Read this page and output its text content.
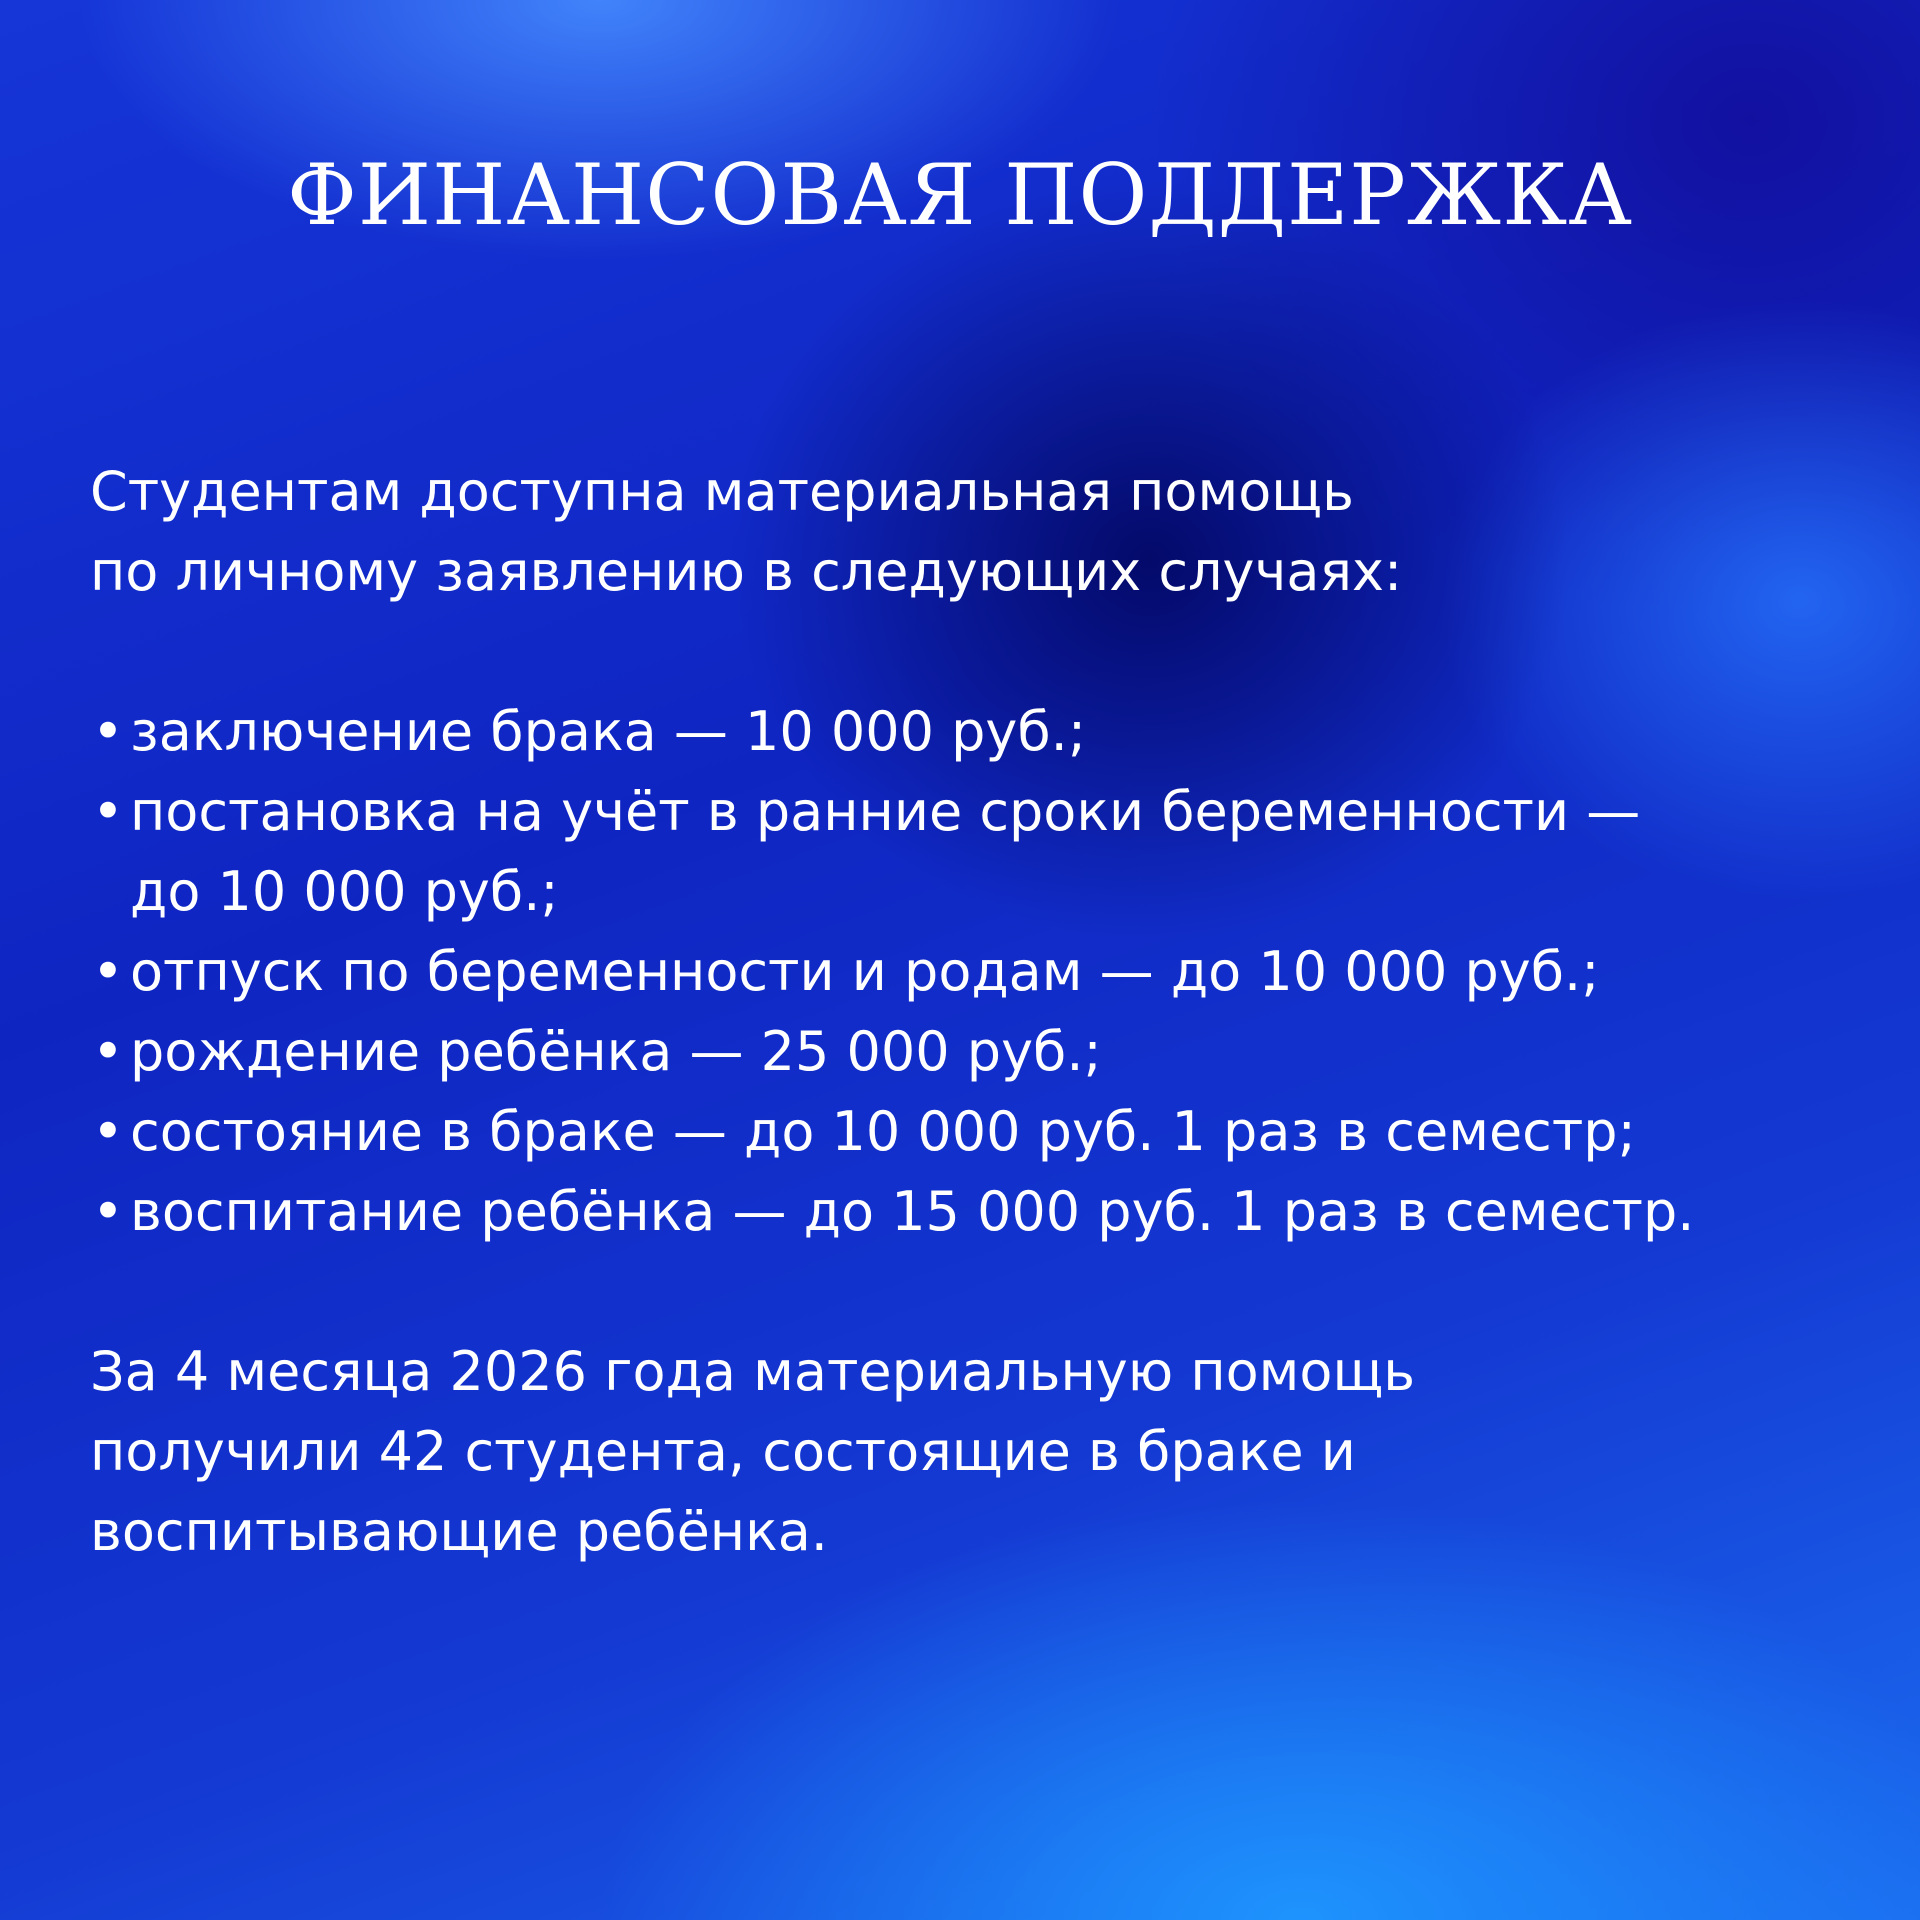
ФИНАНСОВАЯ ПОДДЕРЖКА

Студентам доступна материальная помощь
по личному заявлению в следующих случаях:

• заключение брака — 10 000 руб.;
• постановка на учёт в ранние сроки беременности —
до 10 000 руб.;
• отпуск по беременности и родам — до 10 000 руб.;
• рождение ребёнка — 25 000 руб.;
• состояние в браке — до 10 000 руб. 1 раз в семестр;
• воспитание ребёнка — до 15 000 руб. 1 раз в семестр.

За 4 месяца 2026 года материальную помощь
получили 42 студента, состоящие в браке и
воспитывающие ребёнка.
